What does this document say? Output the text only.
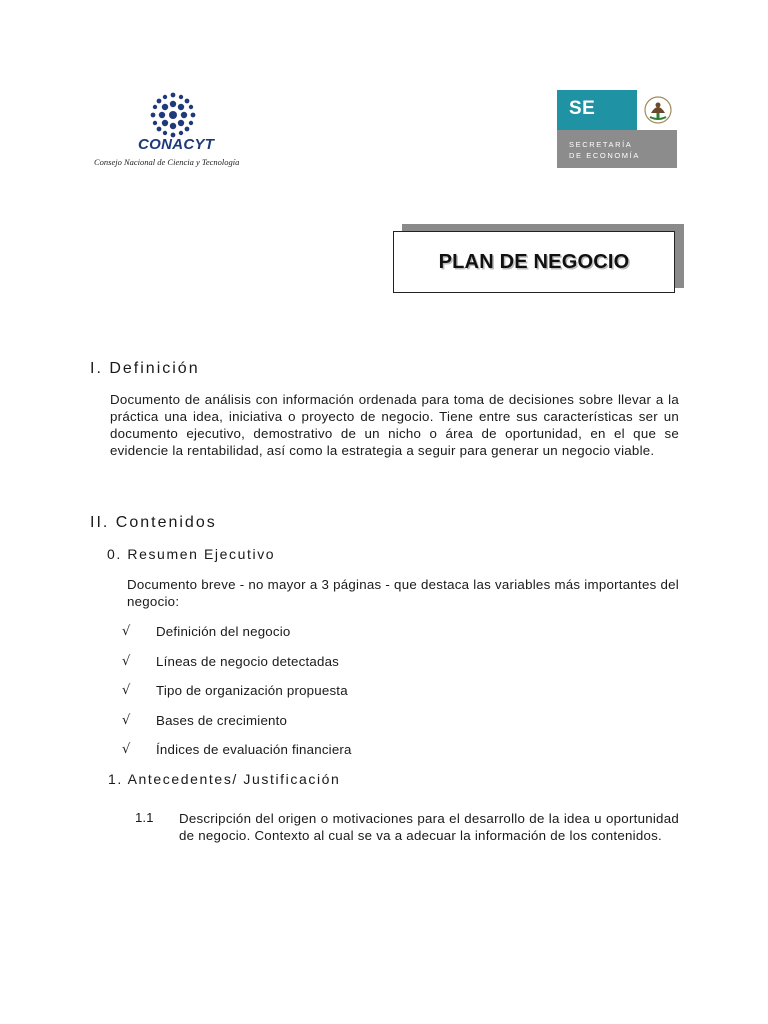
CONACYT
Consejo Nacional de Ciencia y Tecnología
SE
SECRETARÍA
DE ECONOMÍA
PLAN DE NEGOCIO
I. Definición
Documento de análisis con información ordenada para toma de decisiones sobre llevar a la práctica una idea, iniciativa o proyecto de negocio. Tiene entre sus características ser un documento ejecutivo, demostrativo de un nicho o área de oportunidad, en el que se evidencie la rentabilidad, así como la estrategia a seguir para generar un negocio viable.
II. Contenidos
0. Resumen Ejecutivo
Documento breve - no mayor a 3 páginas - que destaca las variables más importantes del negocio:
√ Definición del negocio
√ Líneas de negocio detectadas
√ Tipo de organización propuesta
√ Bases de crecimiento
√ Índices de evaluación financiera
1. Antecedentes/ Justificación
1.1 Descripción del origen o motivaciones para el desarrollo de la idea u oportunidad de negocio. Contexto al cual se va a adecuar la información de los contenidos.
